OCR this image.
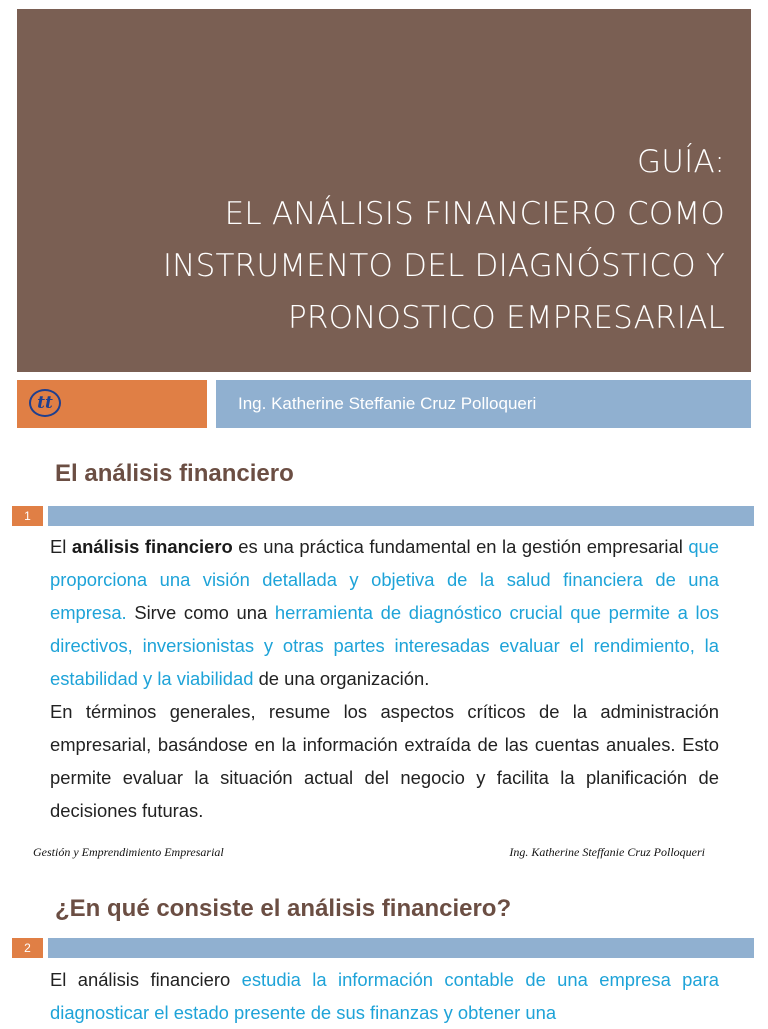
GUÍA:
EL ANÁLISIS FINANCIERO COMO
INSTRUMENTO DEL DIAGNÓSTICO Y
PRONOSTICO EMPRESARIAL
tt	Ing. Katherine Steffanie Cruz Polloqueri
El análisis financiero
1
El análisis financiero es una práctica fundamental en la gestión empresarial que proporciona una visión detallada y objetiva de la salud financiera de una empresa. Sirve como una herramienta de diagnóstico crucial que permite a los directivos, inversionistas y otras partes interesadas evaluar el rendimiento, la estabilidad y la viabilidad de una organización.
En términos generales, resume los aspectos críticos de la administración empresarial, basándose en la información extraída de las cuentas anuales. Esto permite evaluar la situación actual del negocio y facilita la planificación de decisiones futuras.
Gestión y Emprendimiento Empresarial	Ing. Katherine Steffanie Cruz Polloqueri
¿En qué consiste el análisis financiero?
2
El análisis financiero estudia la información contable de una empresa para diagnosticar el estado presente de sus finanzas y obtener una
